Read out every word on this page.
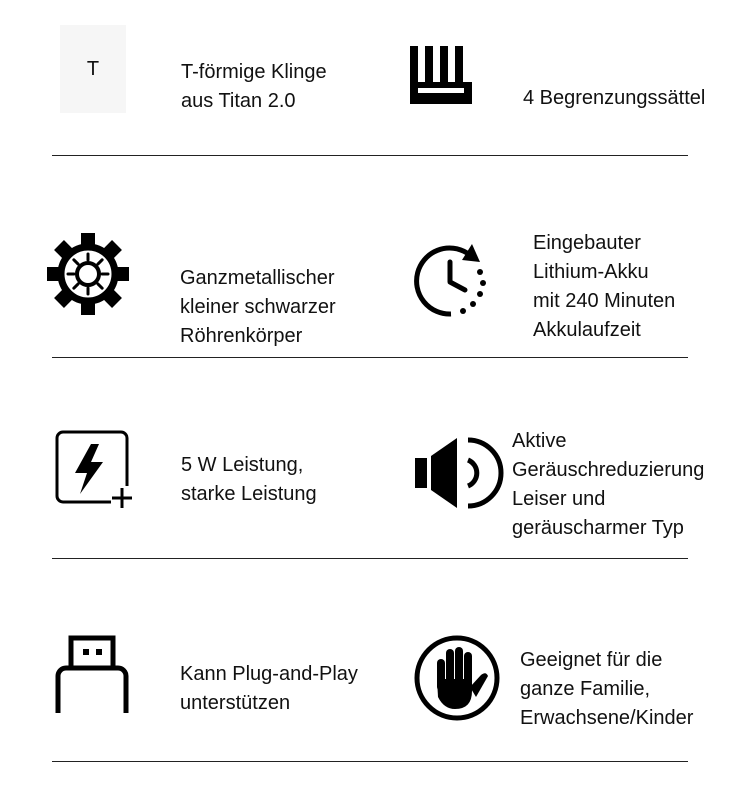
T	T-förmige Klinge
aus Titan 2.0	4 Begrenzungssättel
Ganzmetallischer
kleiner schwarzer
Röhrenkörper
Eingebauter
Lithium-Akku
mit 240 Minuten
Akkulaufzeit
5 W Leistung,
starke Leistung
Aktive
Geräuschreduzierung
Leiser und
geräuscharmer Typ
Kann Plug-and-Play
unterstützen
Geeignet für die
ganze Familie,
Erwachsene/Kinder
